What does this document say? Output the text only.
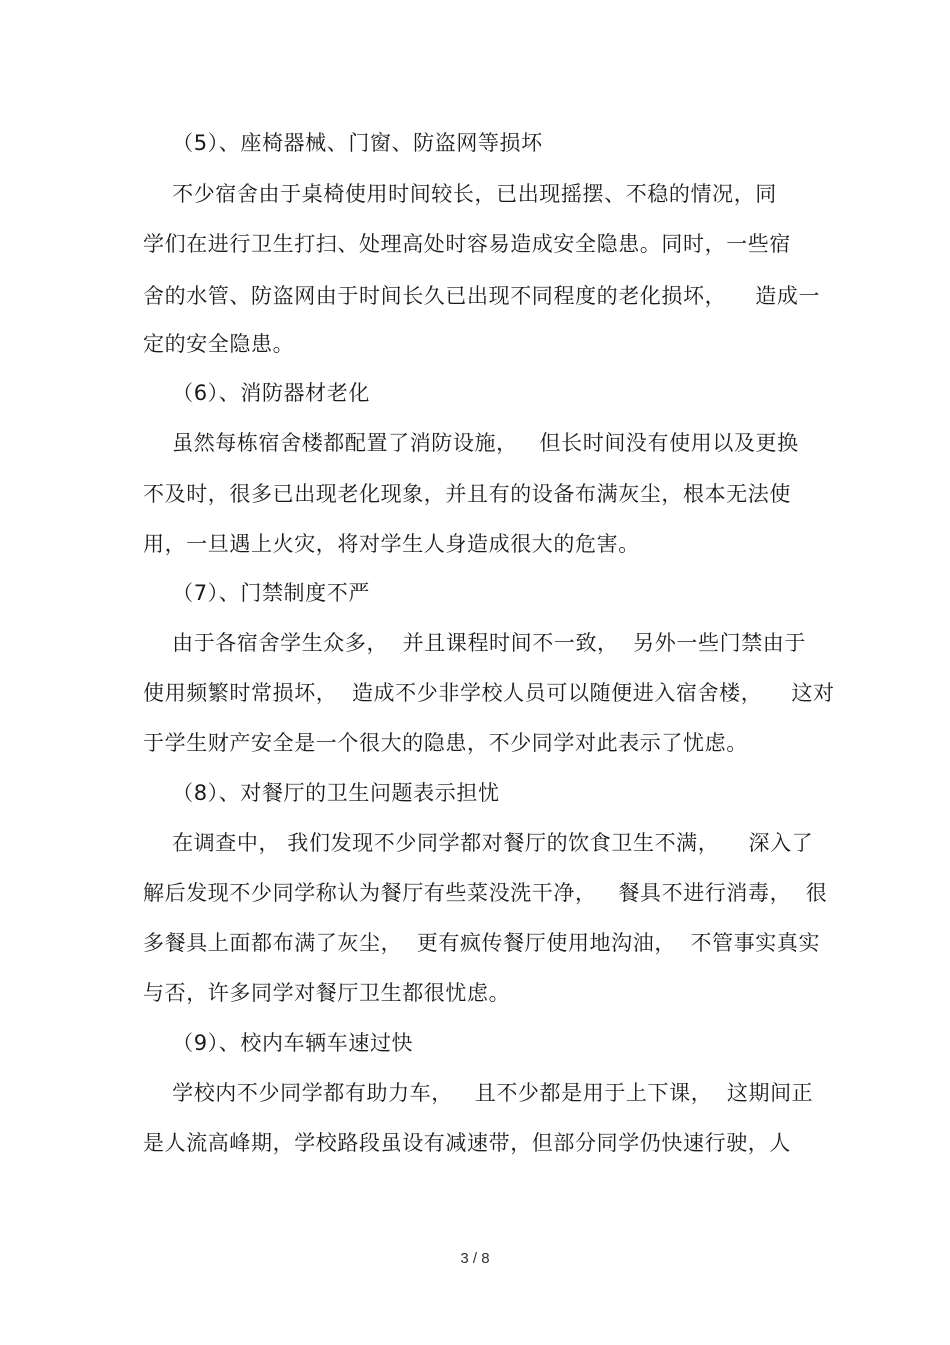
（5）、座椅器械、门窗、防盗网等损坏
不少宿舍由于桌椅使用时间较长，已出现摇摆、不稳的情况，同
学们在进行卫生打扫、处理高处时容易造成安全隐患。同时，一些宿
舍的水管、防盗网由于时间长久已出现不同程度的老化损坏，    造成一
定的安全隐患。
（6）、消防器材老化
虽然每栋宿舍楼都配置了消防设施，   但长时间没有使用以及更换
不及时，很多已出现老化现象，并且有的设备布满灰尘，根本无法使
用，一旦遇上火灾，将对学生人身造成很大的危害。
（7）、门禁制度不严
由于各宿舍学生众多，  并且课程时间不一致，  另外一些门禁由于
使用频繁时常损坏，  造成不少非学校人员可以随便进入宿舍楼，    这对
于学生财产安全是一个很大的隐患，不少同学对此表示了忧虑。
（8）、对餐厅的卫生问题表示担忧
在调查中， 我们发现不少同学都对餐厅的饮食卫生不满，    深入了
解后发现不少同学称认为餐厅有些菜没洗干净，   餐具不进行消毒，  很
多餐具上面都布满了灰尘，  更有疯传餐厅使用地沟油，  不管事实真实
与否，许多同学对餐厅卫生都很忧虑。
（9）、校内车辆车速过快
学校内不少同学都有助力车，   且不少都是用于上下课，  这期间正
是人流高峰期，学校路段虽设有减速带，但部分同学仍快速行驶，人
3 / 8
